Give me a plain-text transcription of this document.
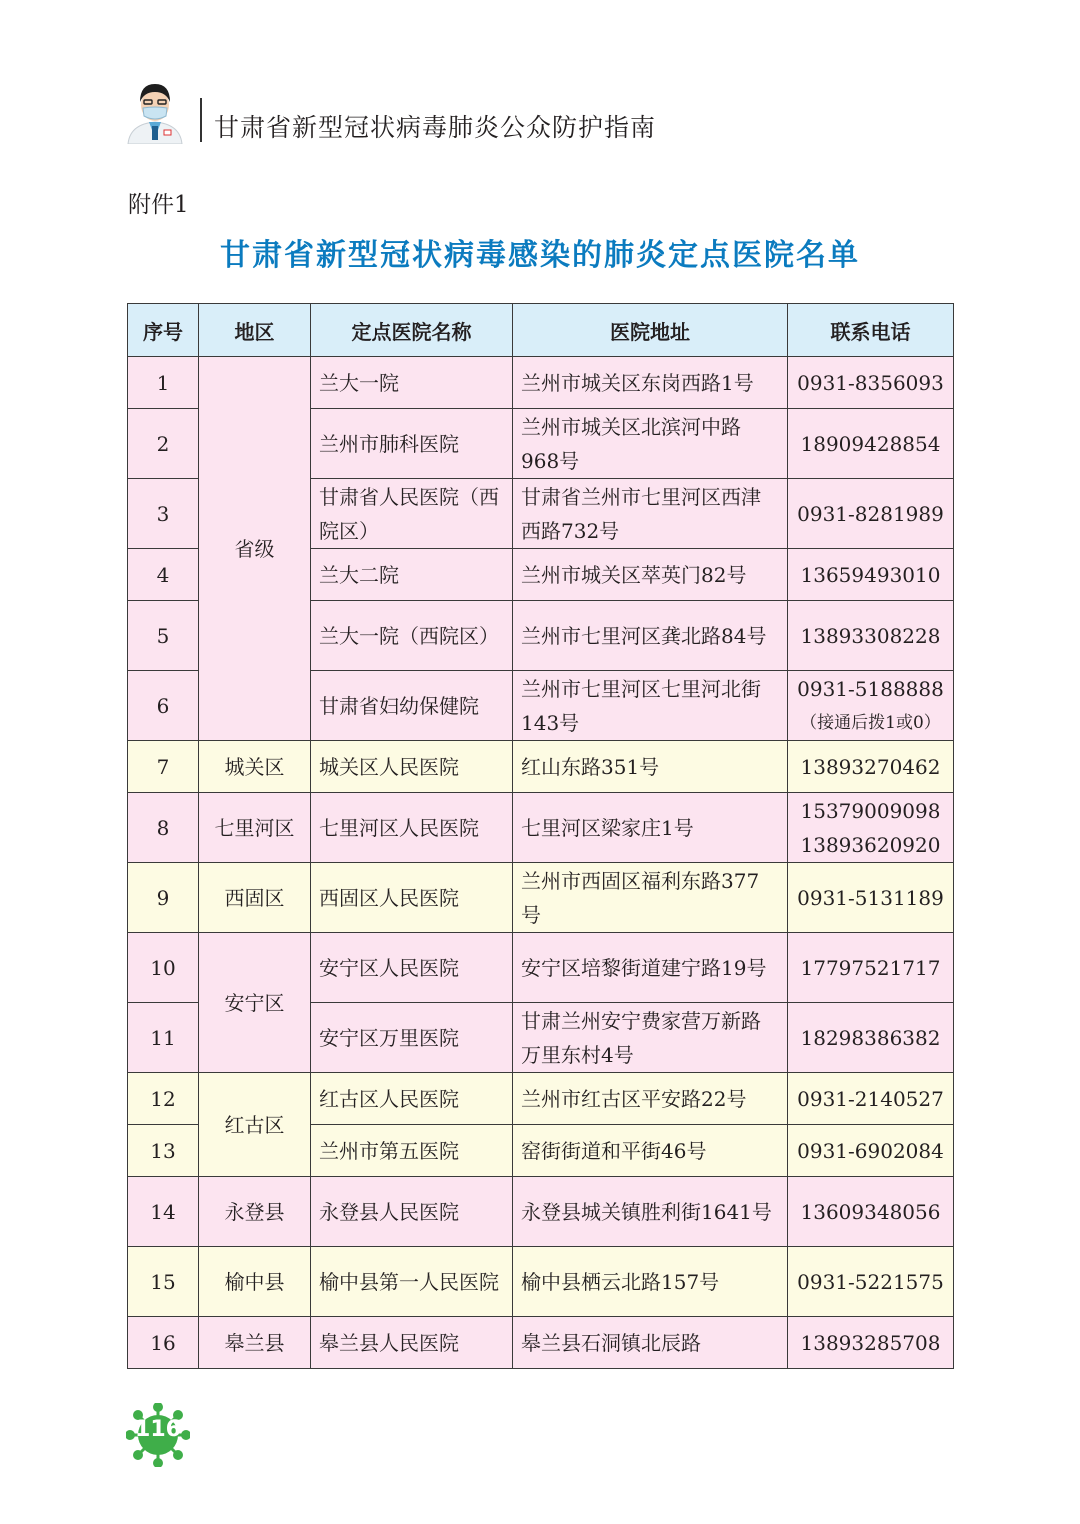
甘肃省新型冠状病毒肺炎公众防护指南
附件1
甘肃省新型冠状病毒感染的肺炎定点医院名单
序号	地区	定点医院名称	医院地址	联系电话
1	省级	兰大一院	兰州市城关区东岗西路1号	0931-8356093
2		兰州市肺科医院	兰州市城关区北滨河中路968号	18909428854
3		甘肃省人民医院（西院区）	甘肃省兰州市七里河区西津西路732号	0931-8281989
4		兰大二院	兰州市城关区萃英门82号	13659493010
5		兰大一院（西院区）	兰州市七里河区龚北路84号	13893308228
6		甘肃省妇幼保健院	兰州市七里河区七里河北街143号	0931-5188888
（接通后拨1或0）

7	城关区	城关区人民医院	红山东路351号	13893270462
8	七里河区	七里河区人民医院	七里河区梁家庄1号	15379009098
13893620920

9	西固区	西固区人民医院	兰州市西固区福利东路377号	0931-5131189
10	安宁区	安宁区人民医院	安宁区培黎街道建宁路19号	17797521717
11		安宁区万里医院	甘肃兰州安宁费家营万新路万里东村4号	18298386382
12	红古区	红古区人民医院	兰州市红古区平安路22号	0931-2140527
13		兰州市第五医院	窑街街道和平街46号	0931-6902084
14	永登县	永登县人民医院	永登县城关镇胜利街1641号	13609348056
15	榆中县	榆中县第一人民医院	榆中县栖云北路157号	0931-5221575
16	皋兰县	皋兰县人民医院	皋兰县石洞镇北辰路	13893285708
116
